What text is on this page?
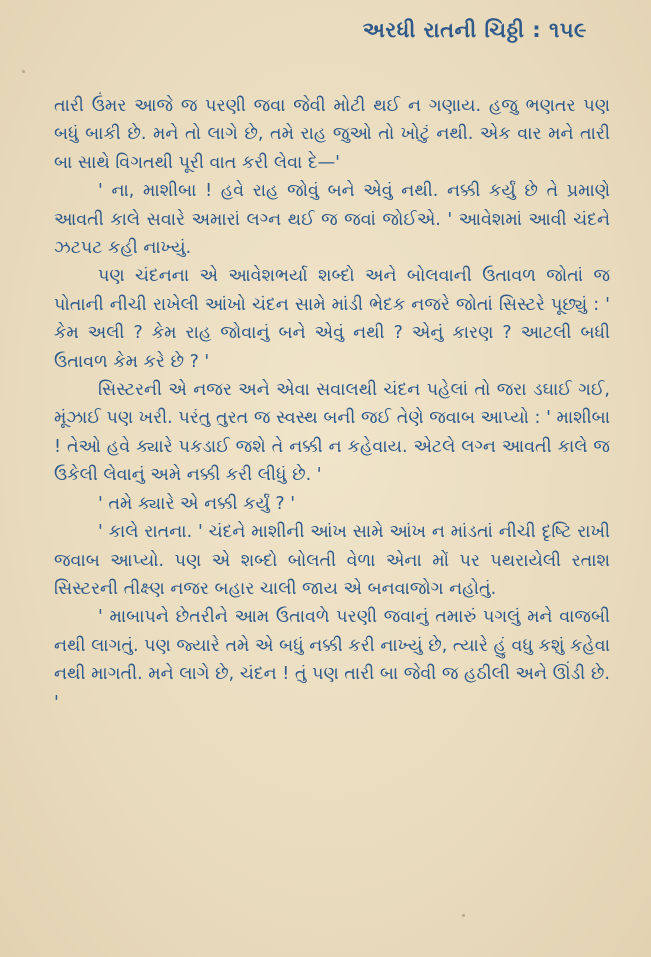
અરધી રાતની ચિઠ્ઠી : ૧૫૯

તારી ઉંમર આજે જ પરણી જવા જેવી મોટી થઈ ન ગણાય. હજુ ભણતર પણ બધું બાકી છે. મને તો લાગે છે, તમે રાહ જુઓ તો ખોટું નથી. એક વાર મને તારી બા સાથે વિગતથી પૂરી વાત કરી લેવા દે—'

' ના, માશીબા ! હવે રાહ જોવું બને એવું નથી. નક્કી કર્યું છે તે પ્રમાણે આવતી કાલે સવારે અમારાં લગ્ન થઈ જ જવાં જોઈએ. ' આવેશમાં આવી ચંદને ઝટપટ કહી નાખ્યું.

પણ ચંદનના એ આવેશભર્યા શબ્દો અને બોલવાની ઉતાવળ જોતાં જ પોતાની નીચી રાખેલી આંખો ચંદન સામે માંડી ભેદક નજરે જોતાં સિસ્ટરે પૂછ્યું : ' કેમ અલી ? કેમ રાહ જોવાનું બને એવું નથી ? એનું કારણ ? આટલી બધી ઉતાવળ કેમ કરે છે ? '

સિસ્ટરની એ નજર અને એવા સવાલથી ચંદન પહેલાં તો જરા ડઘાઈ ગઈ, મૂંઝાઈ પણ ખરી. પરંતુ તુરત જ સ્વસ્થ બની જઈ તેણે જવાબ આપ્યો : ' માશીબા ! તેઓ હવે ક્યારે પકડાઈ જશે તે નક્કી ન કહેવાય. એટલે લગ્ન આવતી કાલે જ ઉકેલી લેવાનું અમે નક્કી કરી લીધું છે. '

' તમે ક્યારે એ નક્કી કર્યું ? '

' કાલે રાતના. ' ચંદને માશીની આંખ સામે આંખ ન માંડતાં નીચી દૃષ્ટિ રાખી જવાબ આપ્યો. પણ એ શબ્દો બોલતી વેળા એના મોં પર પથરાયેલી રતાશ સિસ્ટરની તીક્ષ્ણ નજર બહાર ચાલી જાય એ બનવાજોગ નહોતું.

' માબાપને છેતરીને આમ ઉતાવળે પરણી જવાનું તમારું પગલું મને વાજબી નથી લાગતું. પણ જ્યારે તમે એ બધું નક્કી કરી નાખ્યું છે, ત્યારે હું વધુ કશું કહેવા નથી માગતી. મને લાગે છે, ચંદન ! તું પણ તારી બા જેવી જ હઠીલી અને ઊંડી છે. '
